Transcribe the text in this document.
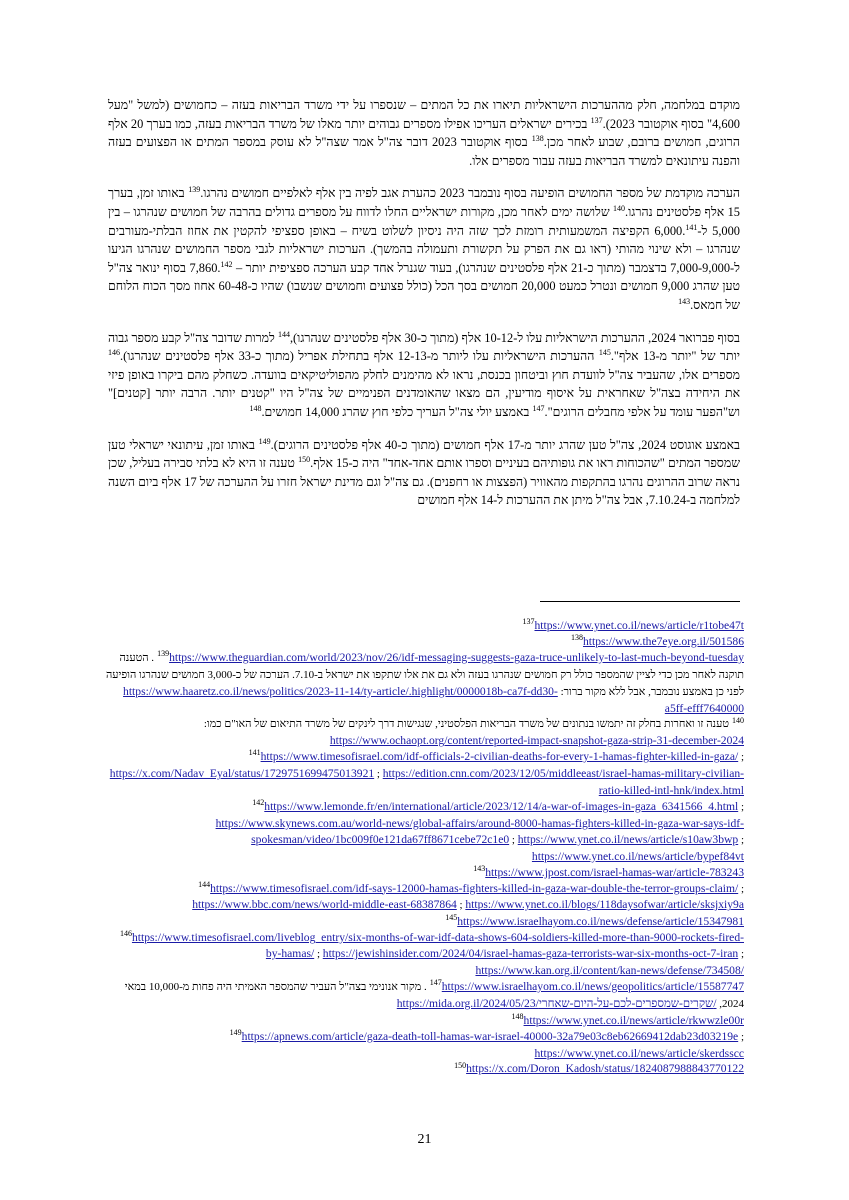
מוקדם במלחמה, חלק מההערכות הישראליות תיארו את כל המתים – שנספרו על ידי משרד הבריאות בעזה – כחמושים (למשל "מעל 4,600" בסוף אוקטובר 2023).$^{137}$ בכירים ישראלים העריכו אפילו מספרים גבוהים יותר מאלו של משרד הבריאות בעזה, כמו בערך 20 אלף הרוגים, חמושים ברובם, שבוע לאחר מכן.$^{138}$ בסוף אוקטובר 2023 דובר צה"ל אמר שצה"ל לא עוסק במספר המתים או הפצועים בעזה והפנה עיתונאים למשרד הבריאות בעזה עבור מספרים אלו.

הערכה מוקדמת של מספר החמושים הופיעה בסוף נובמבר 2023 כהערת אגב לפיה בין אלף לאלפיים חמושים נהרגו.$^{139}$ באותו זמן, בערך 15 אלף פלסטינים נהרגו.$^{140}$ שלושה ימים לאחר מכן, מקורות ישראליים החלו לדווח על מספרים גדולים בהרבה של חמושים שנהרגו – בין 5,000 ל-6,000.$^{141}$ הקפיצה המשמעותית רומזת לכך שזה היה ניסיון לשלוט בשיח – באופן ספציפי להקטין את אחוז הבלתי-מעורבים שנהרגו – ולא שינוי מהותי (ראו גם את הפרק על תקשורת ותעמולה בהמשך). הערכות ישראליות לגבי מספר החמושים שנהרגו הגיעו ל-7,000-9,000 בדצמבר (מתוך כ-21 אלף פלסטינים שנהרגו), בעוד שגנרל אחד קבע הערכה ספציפית יותר – 7,860.$^{142}$ בסוף ינואר צה"ל טען שהרג 9,000 חמושים ונטרל כמעט 20,000 חמושים בסך הכל (כולל פצועים וחמושים שנשבו) שהיו כ-60-48 אחוז מסך הכוח הלוחם של חמאס.$^{143}$

בסוף פברואר 2024, ההערכות הישראליות עלו ל-10-12 אלף (מתוך כ-30 אלף פלסטינים שנהרגו),$^{144}$ למרות שדובר צה"ל קבע מספר גבוה יותר של "יותר מ-13 אלף".$^{145}$ ההערכות הישראליות עלו ליותר מ-12-13 אלף בתחילת אפריל (מתוך כ-33 אלף פלסטינים שנהרגו).$^{146}$ מספרים אלו, שהעביר צה"ל לוועדת חוץ וביטחון בכנסת, נראו לא מהימנים לחלק מהפוליטיקאים בוועדה. כשחלק מהם ביקרו באופן פיזי את היחידה בצה"ל שאחראית על איסוף מודיעין, הם מצאו שהאומדנים הפנימיים של צה"ל היו "קטנים יותר. הרבה יותר [קטנים]" וש"הפער עומד על אלפי מחבלים הרוגים".$^{147}$ באמצע יולי צה"ל העריך כלפי חוץ שהרג 14,000 חמושים.$^{148}$

באמצע אוגוסט 2024, צה"ל טען שהרג יותר מ-17 אלף חמושים (מתוך כ-40 אלף פלסטינים הרוגים).$^{149}$ באותו זמן, עיתונאי ישראלי טען שמספר המתים "שהכוחות ראו את גופותיהם בעיניים וספרו אותם אחד-אחד" היה כ-15 אלף.$^{150}$ טענה זו היא לא בלתי סבירה בעליל, שכן נראה שרוב ההרוגים נהרגו בהתקפות מהאוויר (הפצצות או רחפנים). גם צה"ל וגם מדינת ישראל חזרו על ההערכה של 17 אלף ביום השנה למלחמה ב-7.10.24, אבל צה"ל מיתן את ההערכות ל-14 אלף חמושים

$^{137}$https://www.ynet.co.il/news/article/r1tobe47t

$^{138}$https://www.the7eye.org.il/501586

$^{139}$https://www.theguardian.com/world/2023/nov/26/idf-messaging-suggests-gaza-truce-unlikely-to-last-much-beyond-tuesday. הטענה תוקנה לאחר מכן כדי לציין שהמספר כולל רק חמושים שנהרגו בעזה ולא גם את אלו שתקפו את ישראל ב-7.10. הערכה של כ-3,000 חמושים שנהרגו הופיעה לפני כן באמצע נובמבר, אבל ללא מקור ברור: https://www.haaretz.co.il/news/politics/2023-11-14/ty-article/.highlight/0000018b-ca7f-dd30-a5ff-efff7640000

$^{140}$טענה זו ואחרות בחלק זה יתמשו בנתונים של משרד הבריאות הפלסטיני, שנגישות דרך לינקים של משרד התיאום של האו"ם כמו: https://www.ochaopt.org/content/reported-impact-snapshot-gaza-strip-31-december-2024

$^{141}$https://www.timesofisrael.com/idf-officials-2-civilian-deaths-for-every-1-hamas-fighter-killed-in-gaza/ ; https://x.com/Nadav_Eyal/status/1729751699475013921 ; https://edition.cnn.com/2023/12/05/middleeast/israel-hamas-military-civilian-ratio-killed-intl-hnk/index.html

$^{142}$https://www.lemonde.fr/en/international/article/2023/12/14/a-war-of-images-in-gaza_6341566_4.html ; https://www.skynews.com.au/world-news/global-affairs/around-8000-hamas-fighters-killed-in-gaza-war-says-idf-spokesman/video/1bc009f0e121da67ff8671cebe72c1e0 ; https://www.ynet.co.il/news/article/s10aw3bwp ; https://www.ynet.co.il/news/article/bypef84vt

$^{143}$https://www.jpost.com/israel-hamas-war/article-783243

$^{144}$https://www.timesofisrael.com/idf-says-12000-hamas-fighters-killed-in-gaza-war-double-the-terror-groups-claim/ ; https://www.bbc.com/news/world-middle-east-68387864 ; https://www.ynet.co.il/blogs/118daysofwar/article/sksjxiy9a

$^{145}$https://www.israelhayom.co.il/news/defense/article/15347981

$^{146}$https://www.timesofisrael.com/liveblog_entry/six-months-of-war-idf-data-shows-604-soldiers-killed-more-than-9000-rockets-fired-by-hamas/ ; https://jewishinsider.com/2024/04/israel-hamas-gaza-terrorists-war-six-months-oct-7-iran ; https://www.kan.org.il/content/kan-news/defense/734508/

$^{147}$https://www.israelhayom.co.il/news/geopolitics/article/15587747. מקור אנונימי בצה"ל העביר שהמספר האמיתי היה פחות מ-10,000 במאי 2024, https://mida.org.il/2024/05/23/שקרים-שמספרים-לכם-על-היום-שאחרי/

$^{148}$https://www.ynet.co.il/news/article/rkwwzle00r

$^{149}$https://apnews.com/article/gaza-death-toll-hamas-war-israel-40000-32a79e03c8eb62669412dab23d03219e ; https://www.ynet.co.il/news/article/skerdsscc

$^{150}$https://x.com/Doron_Kadosh/status/1824087988843770122

21
